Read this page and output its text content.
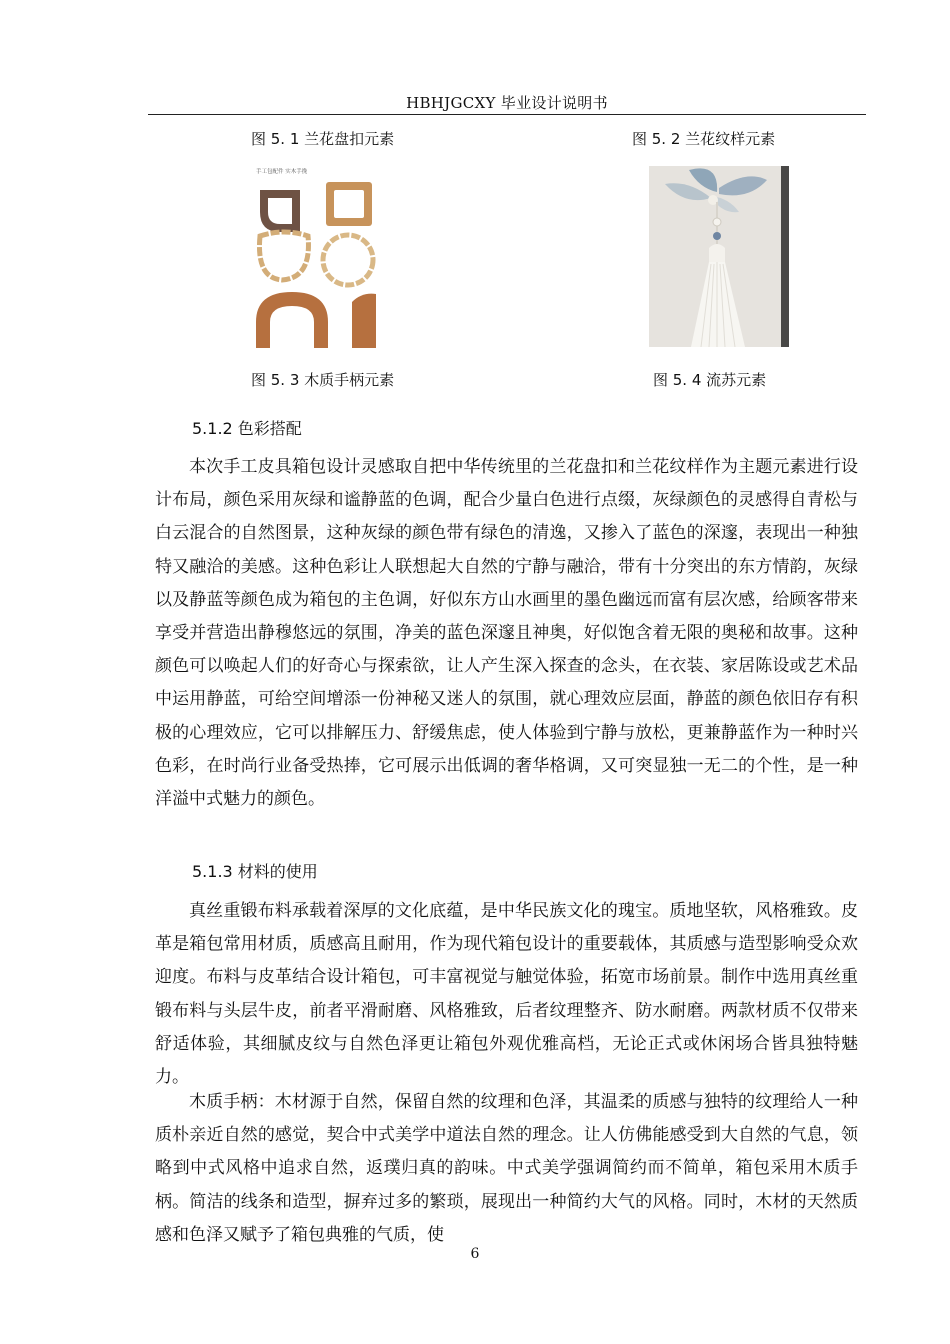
HBHJGCXY 毕业设计说明书
图 5. 1 兰花盘扣元素	图 5. 2 兰花纹样元素
手工包配件 实木手挽
图 5. 3 木质手柄元素	图 5. 4 流苏元素
5.1.2 色彩搭配

本次手工皮具箱包设计灵感取自把中华传统里的兰花盘扣和兰花纹样作为主题元素进行设计布局，颜色采用灰绿和谧静蓝的色调，配合少量白色进行点缀，灰绿颜色的灵感得自青松与白云混合的自然图景，这种灰绿的颜色带有绿色的清逸，又掺入了蓝色的深邃，表现出一种独特又融洽的美感。这种色彩让人联想起大自然的宁静与融洽，带有十分突出的东方情韵，灰绿以及静蓝等颜色成为箱包的主色调，好似东方山水画里的墨色幽远而富有层次感，给顾客带来享受并营造出静穆悠远的氛围，净美的蓝色深邃且神奥，好似饱含着无限的奥秘和故事。这种颜色可以唤起人们的好奇心与探索欲，让人产生深入探查的念头，在衣装、家居陈设或艺术品中运用静蓝，可给空间增添一份神秘又迷人的氛围，就心理效应层面，静蓝的颜色依旧存有积极的心理效应，它可以排解压力、舒缓焦虑，使人体验到宁静与放松，更兼静蓝作为一种时兴色彩，在时尚行业备受热捧，它可展示出低调的奢华格调，又可突显独一无二的个性，是一种洋溢中式魅力的颜色。

5.1.3 材料的使用

真丝重锻布料承载着深厚的文化底蕴，是中华民族文化的瑰宝。质地坚软，风格雅致。皮革是箱包常用材质，质感高且耐用，作为现代箱包设计的重要载体，其质感与造型影响受众欢迎度。布料与皮革结合设计箱包，可丰富视觉与触觉体验，拓宽市场前景。制作中选用真丝重锻布料与头层牛皮，前者平滑耐磨、风格雅致，后者纹理整齐、防水耐磨。两款材质不仅带来舒适体验，其细腻皮纹与自然色泽更让箱包外观优雅高档，无论正式或休闲场合皆具独特魅力。

木质手柄：木材源于自然，保留自然的纹理和色泽，其温柔的质感与独特的纹理给人一种质朴亲近自然的感觉，契合中式美学中道法自然的理念。让人仿佛能感受到大自然的气息，领略到中式风格中追求自然，返璞归真的韵味。中式美学强调简约而不简单，箱包采用木质手柄。简洁的线条和造型，摒弃过多的繁琐，展现出一种简约大气的风格。同时，木材的天然质感和色泽又赋予了箱包典雅的气质，使

6
